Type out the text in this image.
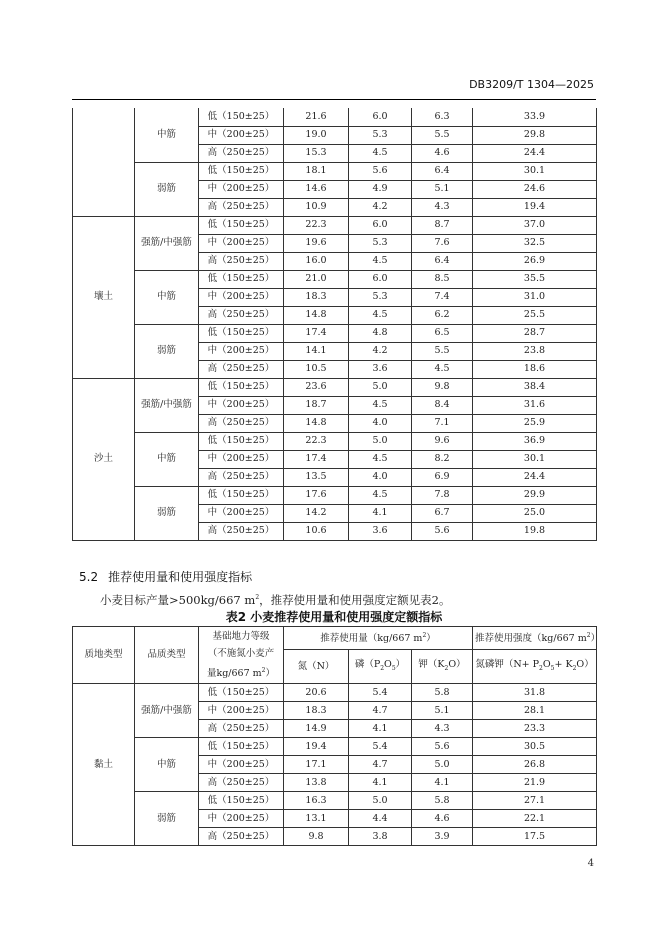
DB3209/T 1304—2025
	中筋	低（150±25）	21.6	6.0	6.3	33.9
		中（200±25）	19.0	5.3	5.5	29.8
		高（250±25）	15.3	4.5	4.6	24.4
	弱筋	低（150±25）	18.1	5.6	6.4	30.1
		中（200±25）	14.6	4.9	5.1	24.6
		高（250±25）	10.9	4.2	4.3	19.4
壤土	强筋/中强筋	低（150±25）	22.3	6.0	8.7	37.0
		中（200±25）	19.6	5.3	7.6	32.5
		高（250±25）	16.0	4.5	6.4	26.9
	中筋	低（150±25）	21.0	6.0	8.5	35.5
		中（200±25）	18.3	5.3	7.4	31.0
		高（250±25）	14.8	4.5	6.2	25.5
	弱筋	低（150±25）	17.4	4.8	6.5	28.7
		中（200±25）	14.1	4.2	5.5	23.8
		高（250±25）	10.5	3.6	4.5	18.6
沙土	强筋/中强筋	低（150±25）	23.6	5.0	9.8	38.4
		中（200±25）	18.7	4.5	8.4	31.6
		高（250±25）	14.8	4.0	7.1	25.9
	中筋	低（150±25）	22.3	5.0	9.6	36.9
		中（200±25）	17.4	4.5	8.2	30.1
		高（250±25）	13.5	4.0	6.9	24.4
	弱筋	低（150±25）	17.6	4.5	7.8	29.9
		中（200±25）	14.2	4.1	6.7	25.0
		高（250±25）	10.6	3.6	5.6	19.8
5.2 推荐使用量和使用强度指标
小麦目标产量>500kg/667 $m^2$，推荐使用量和使用强度定额见表2。
表2 小麦推荐使用量和使用强度定额指标
质地类型	品质类型	基础地力等级
（不施氮小麦产
量kg/667 $m^2$）	推荐使用量（kg/667 $m^2$）			推荐使用强度（kg/667 $m^2$）
			氮（N）	磷$(P_2O_5)$	钾$(K_2O)$	氮磷钾$(N+ P_2O_5+ K_2O)$
黏土	强筋/中强筋	低（150±25）	20.6	5.4	5.8	31.8
		中（200±25）	18.3	4.7	5.1	28.1
		高（250±25）	14.9	4.1	4.3	23.3
	中筋	低（150±25）	19.4	5.4	5.6	30.5
		中（200±25）	17.1	4.7	5.0	26.8
		高（250±25）	13.8	4.1	4.1	21.9
	弱筋	低（150±25）	16.3	5.0	5.8	27.1
		中（200±25）	13.1	4.4	4.6	22.1
		高（250±25）	9.8	3.8	3.9	17.5
4
